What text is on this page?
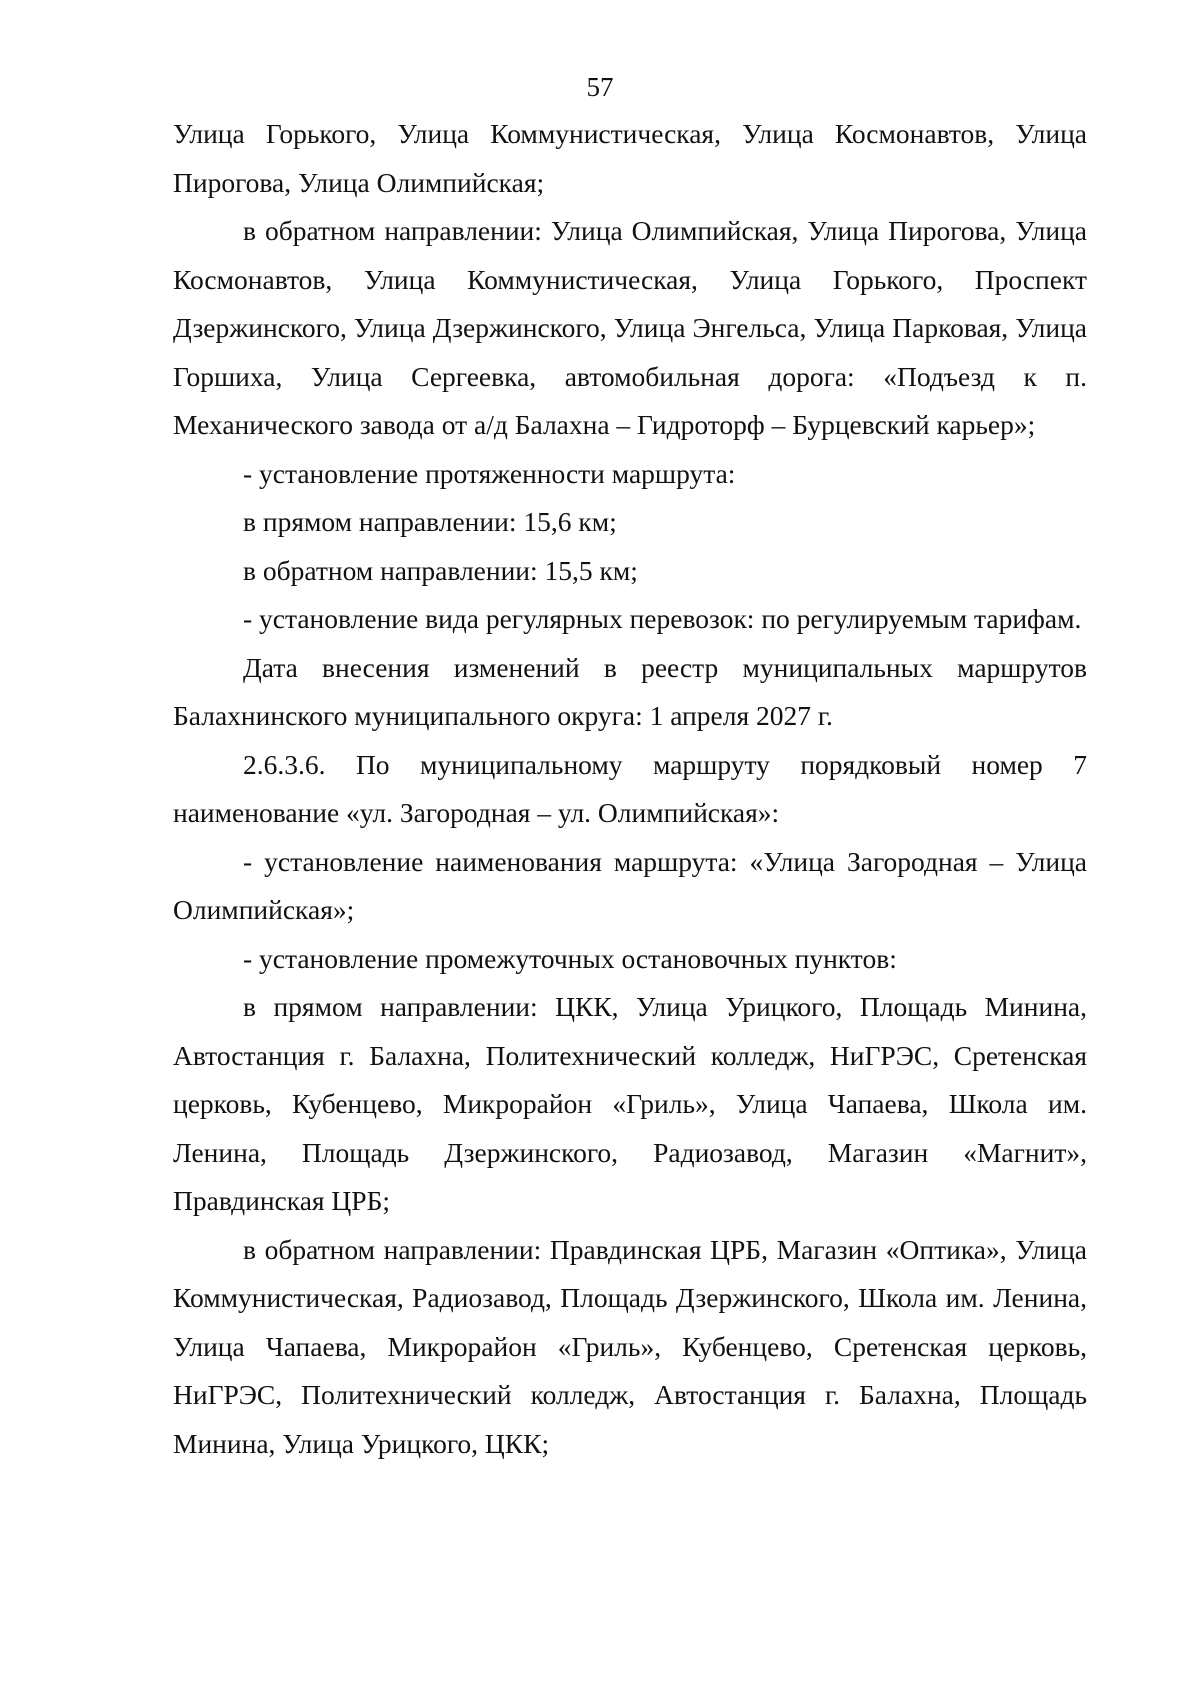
57

Улица Горького, Улица Коммунистическая, Улица Космонавтов, Улица Пирогова, Улица Олимпийская;

в обратном направлении: Улица Олимпийская, Улица Пирогова, Улица Космонавтов, Улица Коммунистическая, Улица Горького, Проспект Дзержинского, Улица Дзержинского, Улица Энгельса, Улица Парковая, Улица Горшиха, Улица Сергеевка, автомобильная дорога: «Подъезд к п. Механического завода от а/д Балахна – Гидроторф – Бурцевский карьер»;

- установление протяженности маршрута:

в прямом направлении: 15,6 км;

в обратном направлении: 15,5 км;

- установление вида регулярных перевозок: по регулируемым тарифам.

Дата внесения изменений в реестр муниципальных маршрутов Балахнинского муниципального округа: 1 апреля 2027 г.

2.6.3.6. По муниципальному маршруту порядковый номер 7 наименование «ул. Загородная – ул. Олимпийская»:

- установление наименования маршрута: «Улица Загородная – Улица Олимпийская»;

- установление промежуточных остановочных пунктов:

в прямом направлении: ЦКК, Улица Урицкого, Площадь Минина, Автостанция г. Балахна, Политехнический колледж, НиГРЭС, Сретенская церковь, Кубенцево, Микрорайон «Гриль», Улица Чапаева, Школа им. Ленина, Площадь Дзержинского, Радиозавод, Магазин «Магнит», Правдинская ЦРБ;

в обратном направлении: Правдинская ЦРБ, Магазин «Оптика», Улица Коммунистическая, Радиозавод, Площадь Дзержинского, Школа им. Ленина, Улица Чапаева, Микрорайон «Гриль», Кубенцево, Сретенская церковь, НиГРЭС, Политехнический колледж, Автостанция г. Балахна, Площадь Минина, Улица Урицкого, ЦКК;
